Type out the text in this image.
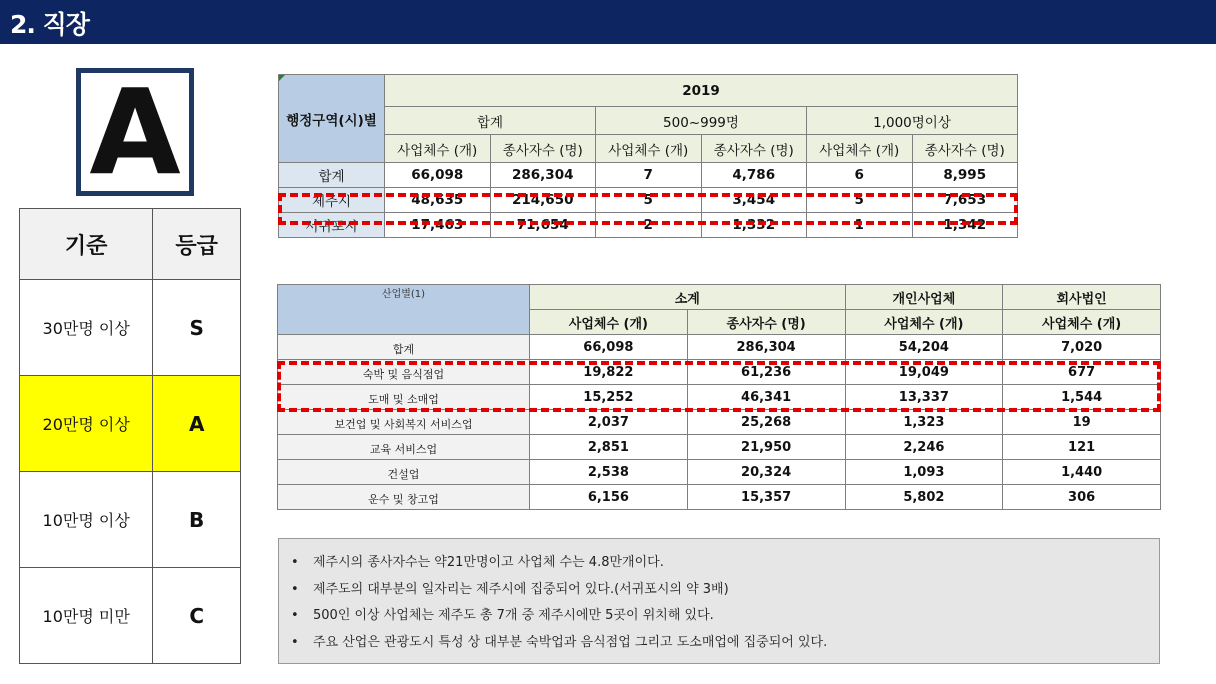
2. 직장
A
기준	등급
30만명 이상	S
20만명 이상	A
10만명 이상	B
10만명 미만	C
행정구역(시)별	2019					
	합계		500~999명		1,000명이상	
	사업체수 (개)	종사자수 (명)	사업체수 (개)	종사자수 (명)	사업체수 (개)	종사자수 (명)
합계	66,098	286,304	7	4,786	6	8,995
제주시	48,635	214,650	5	3,454	5	7,653
서귀포시	17,463	71,654	2	1,332	1	1,342
산업별(1)	소계		개인사업체	회사법인
	사업체수 (개)	종사자수 (명)	사업체수 (개)	사업체수 (개)
합계	66,098	286,304	54,204	7,020
숙박 및 음식점업	19,822	61,236	19,049	677
도매 및 소매업	15,252	46,341	13,337	1,544
보건업 및 사회복지 서비스업	2,037	25,268	1,323	19
교육 서비스업	2,851	21,950	2,246	121
건설업	2,538	20,324	1,093	1,440
운수 및 창고업	6,156	15,357	5,802	306
• 제주시의 종사자수는 약21만명이고 사업체 수는 4.8만개이다.
• 제주도의 대부분의 일자리는 제주시에 집중되어 있다.(서귀포시의 약 3배)
• 500인 이상 사업체는 제주도 총 7개 중 제주시에만 5곳이 위치해 있다.
• 주요 산업은 관광도시 특성 상 대부분 숙박업과 음식점업 그리고 도소매업에 집중되어 있다.
